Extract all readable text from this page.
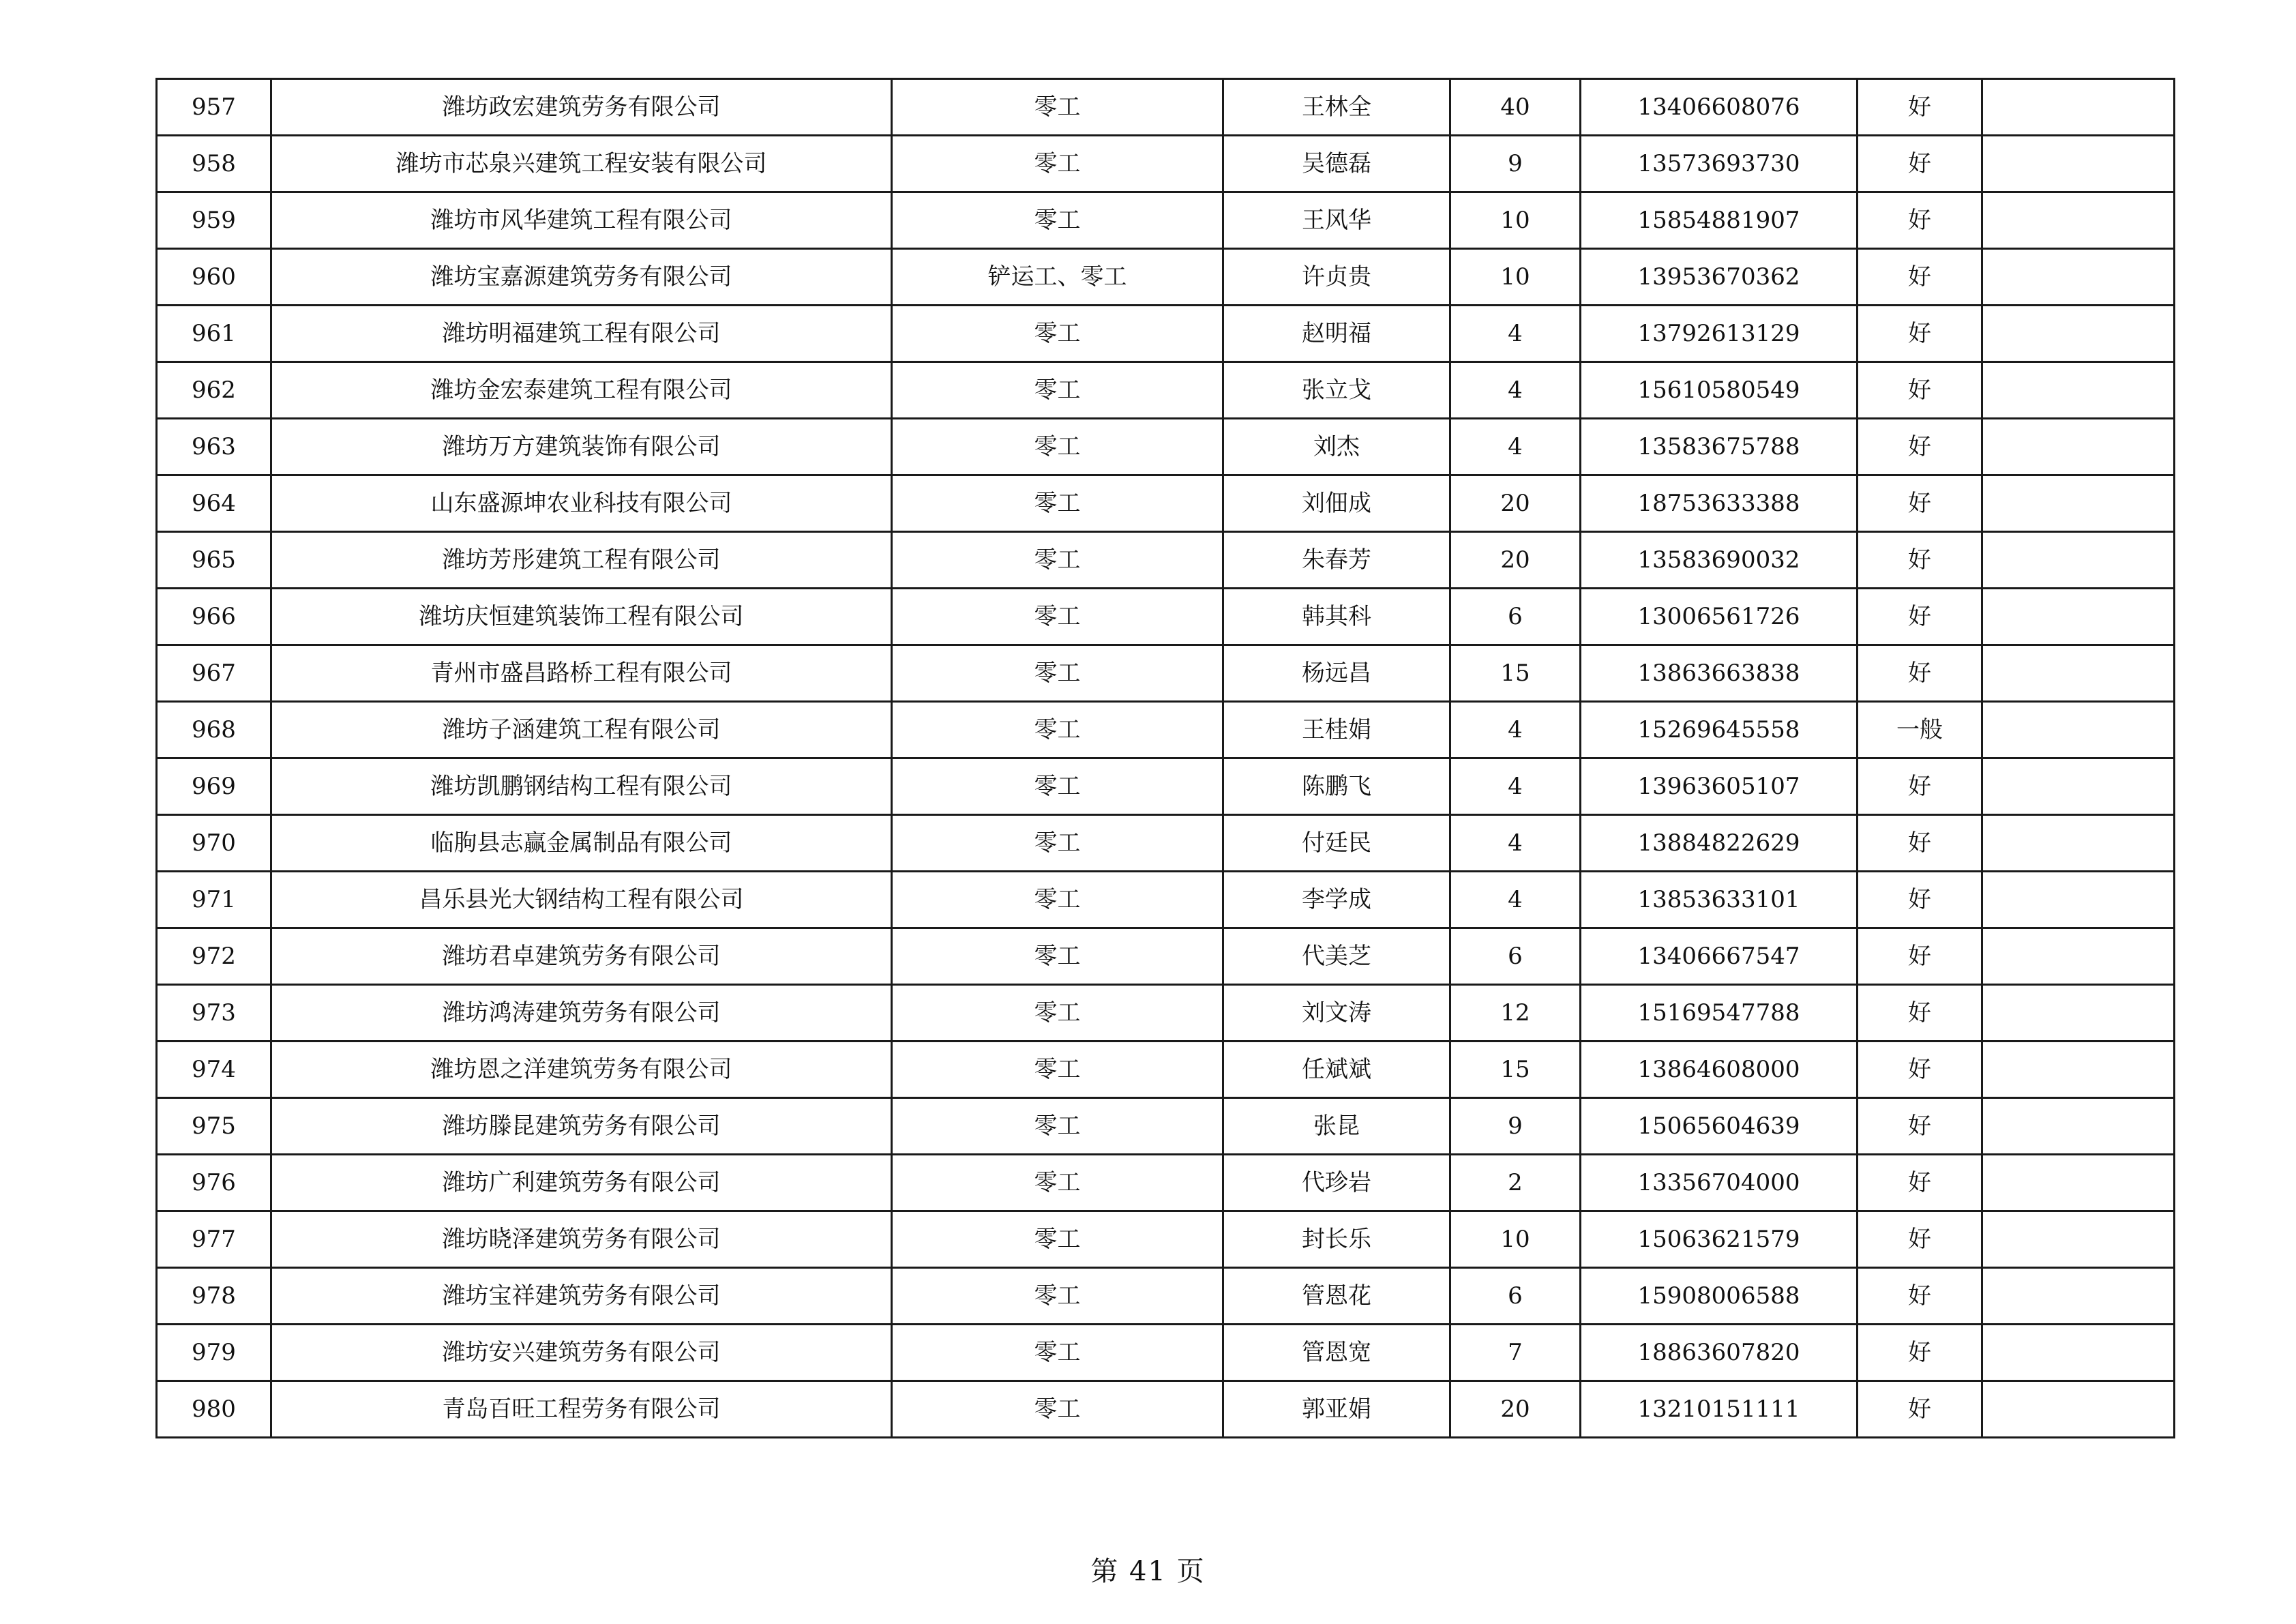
957	潍坊政宏建筑劳务有限公司	零工	王林全	40	13406608076	好	
958	潍坊市芯泉兴建筑工程安装有限公司	零工	吴德磊	9	13573693730	好	
959	潍坊市风华建筑工程有限公司	零工	王风华	10	15854881907	好	
960	潍坊宝嘉源建筑劳务有限公司	铲运工、零工	许贞贵	10	13953670362	好	
961	潍坊明福建筑工程有限公司	零工	赵明福	4	13792613129	好	
962	潍坊金宏泰建筑工程有限公司	零工	张立戈	4	15610580549	好	
963	潍坊万方建筑装饰有限公司	零工	刘杰	4	13583675788	好	
964	山东盛源坤农业科技有限公司	零工	刘佃成	20	18753633388	好	
965	潍坊芳彤建筑工程有限公司	零工	朱春芳	20	13583690032	好	
966	潍坊庆恒建筑装饰工程有限公司	零工	韩其科	6	13006561726	好	
967	青州市盛昌路桥工程有限公司	零工	杨远昌	15	13863663838	好	
968	潍坊子涵建筑工程有限公司	零工	王桂娟	4	15269645558	一般	
969	潍坊凯鹏钢结构工程有限公司	零工	陈鹏飞	4	13963605107	好	
970	临朐县志赢金属制品有限公司	零工	付廷民	4	13884822629	好	
971	昌乐县光大钢结构工程有限公司	零工	李学成	4	13853633101	好	
972	潍坊君卓建筑劳务有限公司	零工	代美芝	6	13406667547	好	
973	潍坊鸿涛建筑劳务有限公司	零工	刘文涛	12	15169547788	好	
974	潍坊恩之洋建筑劳务有限公司	零工	任斌斌	15	13864608000	好	
975	潍坊滕昆建筑劳务有限公司	零工	张昆	9	15065604639	好	
976	潍坊广利建筑劳务有限公司	零工	代珍岩	2	13356704000	好	
977	潍坊晓泽建筑劳务有限公司	零工	封长乐	10	15063621579	好	
978	潍坊宝祥建筑劳务有限公司	零工	管恩花	6	15908006588	好	
979	潍坊安兴建筑劳务有限公司	零工	管恩宽	7	18863607820	好	
980	青岛百旺工程劳务有限公司	零工	郭亚娟	20	13210151111	好	
第 41 页
